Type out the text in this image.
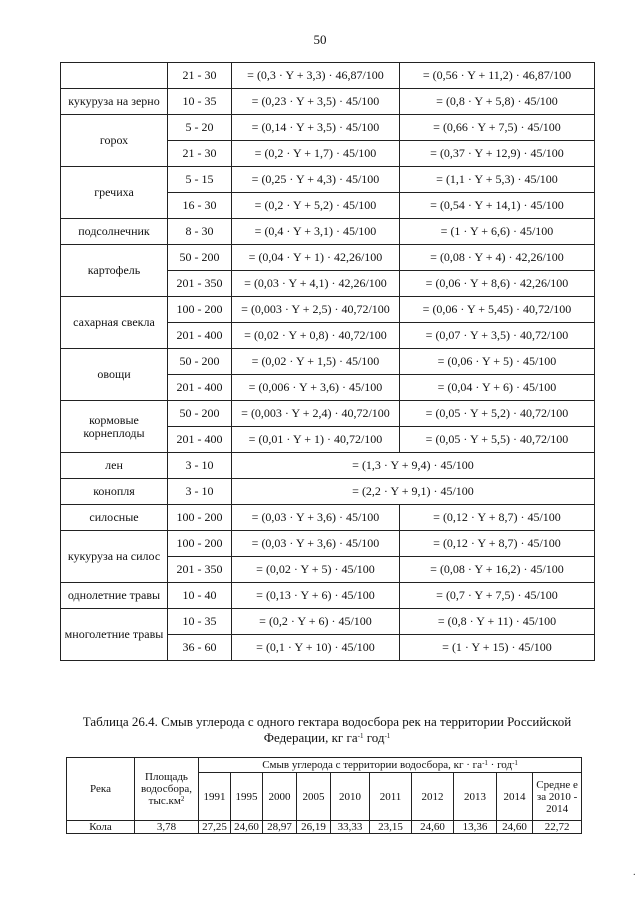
50
	21 - 30	= (0,3 · Y + 3,3) · 46,87/100	= (0,56 · Y + 11,2) · 46,87/100
кукуруза на зерно	10 - 35	= (0,23 · Y + 3,5) · 45/100	= (0,8 · Y + 5,8) · 45/100
горох	5 - 20	= (0,14 · Y + 3,5) · 45/100	= (0,66 · Y + 7,5) · 45/100
	21 - 30	= (0,2 · Y + 1,7) · 45/100	= (0,37 · Y + 12,9) · 45/100
гречиха	5 - 15	= (0,25 · Y + 4,3) · 45/100	= (1,1 · Y + 5,3) · 45/100
	16 - 30	= (0,2 · Y + 5,2) · 45/100	= (0,54 · Y + 14,1) · 45/100
подсолнечник	8 - 30	= (0,4 · Y + 3,1) · 45/100	= (1 · Y + 6,6) · 45/100
картофель	50 - 200	= (0,04 · Y + 1) · 42,26/100	= (0,08 · Y + 4) · 42,26/100
	201 - 350	= (0,03 · Y + 4,1) · 42,26/100	= (0,06 · Y + 8,6) · 42,26/100
сахарная свекла	100 - 200	= (0,003 · Y + 2,5) · 40,72/100	= (0,06 · Y + 5,45) · 40,72/100
	201 - 400	= (0,02 · Y + 0,8) · 40,72/100	= (0,07 · Y + 3,5) · 40,72/100
овощи	50 - 200	= (0,02 · Y + 1,5) · 45/100	= (0,06 · Y + 5) · 45/100
	201 - 400	= (0,006 · Y + 3,6) · 45/100	= (0,04 · Y + 6) · 45/100
кормовые корнеплоды	50 - 200	= (0,003 · Y + 2,4) · 40,72/100	= (0,05 · Y + 5,2) · 40,72/100
	201 - 400	= (0,01 · Y + 1) · 40,72/100	= (0,05 · Y + 5,5) · 40,72/100
лен	3 - 10	= (1,3 · Y + 9,4) · 45/100	
конопля	3 - 10	= (2,2 · Y + 9,1) · 45/100	
силосные	100 - 200	= (0,03 · Y + 3,6) · 45/100	= (0,12 · Y + 8,7) · 45/100
кукуруза на силос	100 - 200	= (0,03 · Y + 3,6) · 45/100	= (0,12 · Y + 8,7) · 45/100
	201 - 350	= (0,02 · Y + 5) · 45/100	= (0,08 · Y + 16,2) · 45/100
однолетние травы	10 - 40	= (0,13 · Y + 6) · 45/100	= (0,7 · Y + 7,5) · 45/100
многолетние травы	10 - 35	= (0,2 · Y + 6) · 45/100	= (0,8 · Y + 11) · 45/100
	36 - 60	= (0,1 · Y + 10) · 45/100	= (1 · Y + 15) · 45/100
Таблица 26.4. Смыв углерода с одного гектара водосбора рек на территории Российской
Федерации, кг $га^{-1}$ год$^{-1}$
Река	Площадь водосбора, $тыс.км^2$	Смыв углерода с территории водосбора, кг · $га^{-1} \cdot год^{-1}$
		1991	1995	2000	2005	2010	2011	2012	2013	2014	Средне е за 2010 - 2014
Кола	3,78	27,25	24,60	28,97	26,19	33,33	23,15	24,60	13,36	24,60	22,72
·
